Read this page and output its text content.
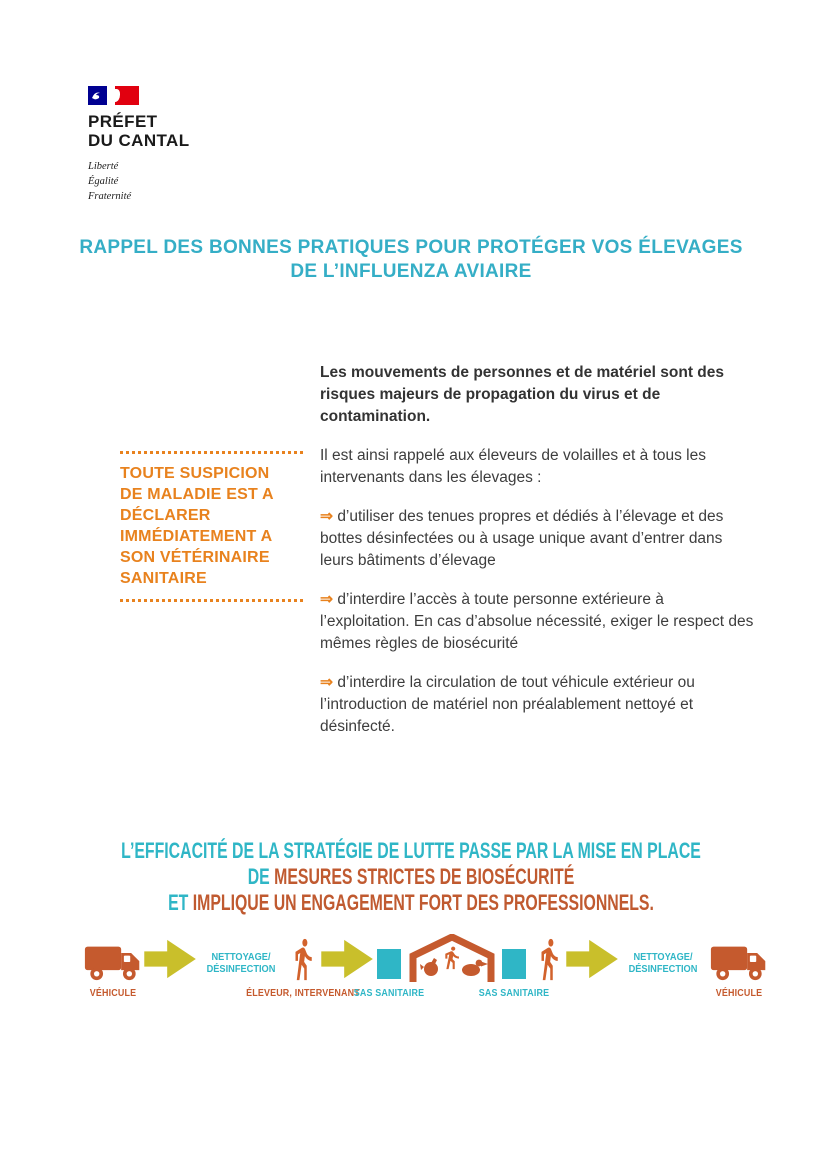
PRÉFET
DU CANTAL
Liberté
Égalité
Fraternité
RAPPEL DES BONNES PRATIQUES POUR PROTÉGER VOS ÉLEVAGES
DE L’INFLUENZA AVIAIRE
TOUTE SUSPICION
DE MALADIE EST A
DÉCLARER
IMMÉDIATEMENT A
SON VÉTÉRINAIRE
SANITAIRE

Les mouvements de personnes et de matériel sont des risques majeurs de propagation du virus et de contamination.

Il est ainsi rappelé aux éleveurs de volailles et à tous les intervenants dans les élevages :

⇒ d’utiliser des tenues propres et dédiés à l’élevage et des bottes désinfectées ou à usage unique avant d’entrer dans leurs bâtiments d’élevage

⇒ d’interdire l’accès à toute personne extérieure à l’exploitation. En cas d’absolue nécessité, exiger le respect des mêmes règles de biosécurité

⇒ d’interdire la circulation de tout véhicule extérieur ou l’introduction de matériel non préalablement nettoyé et désinfecté.

L’EFFICACITÉ DE LA STRATÉGIE DE LUTTE PASSE PAR LA MISE EN PLACE
DE MESURES STRICTES DE BIOSÉCURITÉ
ET IMPLIQUE UN ENGAGEMENT FORT DES PROFESSIONNELS.
VÉHICULE
NETTOYAGE/
DÉSINFECTION
ÉLEVEUR, INTERVENANT
SAS SANITAIRE	SAS SANITAIRE
NETTOYAGE/
DÉSINFECTION
VÉHICULE
